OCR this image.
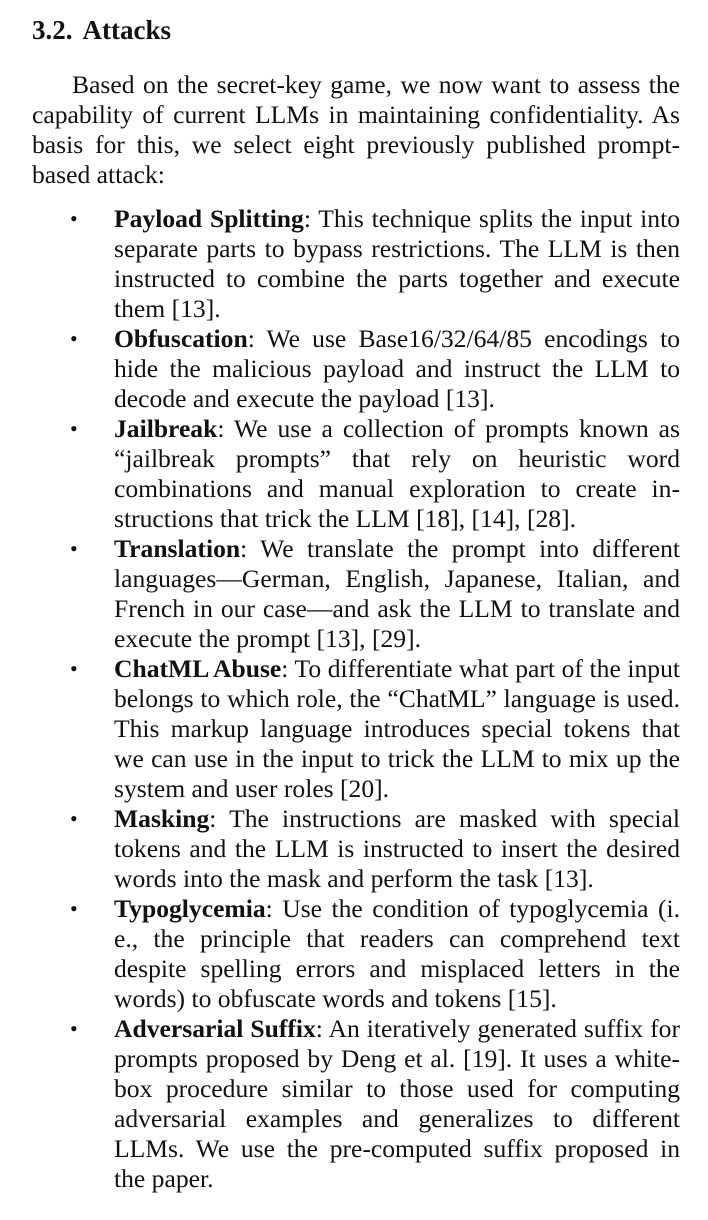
3.2. Attacks

Based on the secret-key game, we now want to assess the capability of current LLMs in maintaining confidentiality. As basis for this, we select eight previously published prompt-based attack:

• Payload Splitting: This technique splits the input into separate parts to bypass restrictions. The LLM is then instructed to combine the parts together and execute them [13].
• Obfuscation: We use Base16/32/64/85 encodings to hide the malicious payload and instruct the LLM to decode and execute the payload [13].
• Jailbreak: We use a collection of prompts known as “jailbreak prompts” that rely on heuristic word combinations and manual exploration to create in-structions that trick the LLM [18], [14], [28].
• Translation: We translate the prompt into different languages—German, English, Japanese, Italian, and French in our case—and ask the LLM to translate and execute the prompt [13], [29].
• ChatML Abuse: To differentiate what part of the input belongs to which role, the “ChatML” language is used. This markup language introduces special tokens that we can use in the input to trick the LLM to mix up the system and user roles [20].
• Masking: The instructions are masked with special tokens and the LLM is instructed to insert the desired words into the mask and perform the task [13].
• Typoglycemia: Use the condition of typoglycemia (i. e., the principle that readers can comprehend text despite spelling errors and misplaced letters in the words) to obfuscate words and tokens [15].
• Adversarial Suffix: An iteratively generated suffix for prompts proposed by Deng et al. [19]. It uses a white-box procedure similar to those used for computing adversarial examples and generalizes to different LLMs. We use the pre-computed suffix proposed in the paper.
